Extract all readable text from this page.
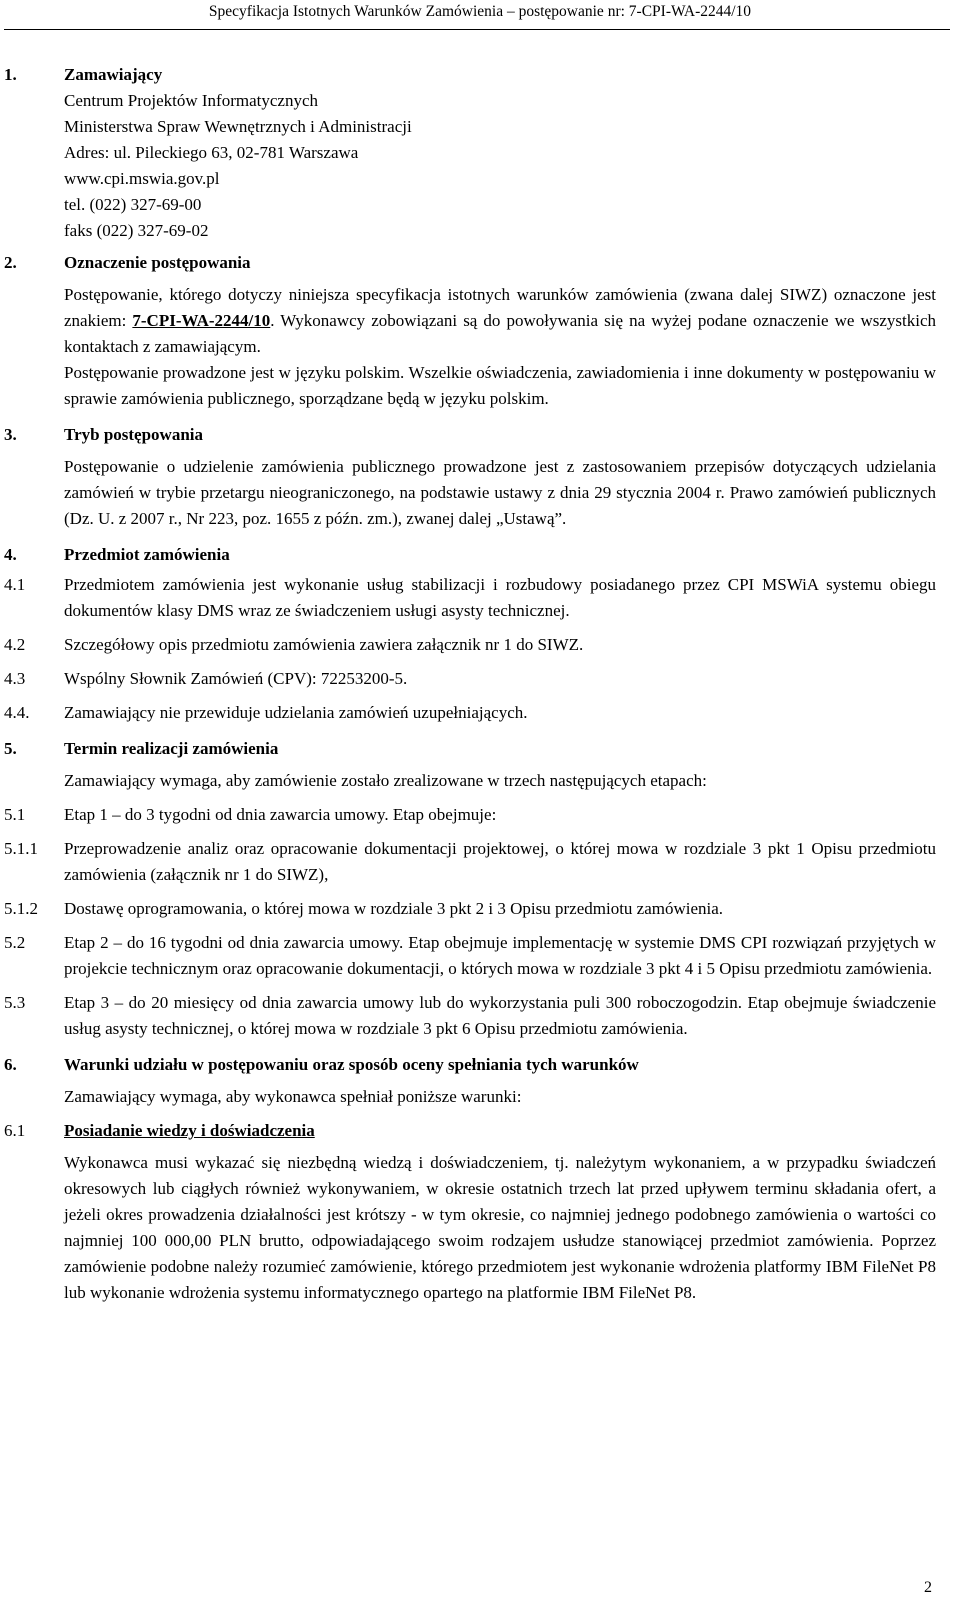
Specyfikacja Istotnych Warunków Zamówienia – postępowanie nr: 7-CPI-WA-2244/10
1.	Zamawiający
Centrum Projektów Informatycznych
Ministerstwa Spraw Wewnętrznych i Administracji
Adres: ul. Pileckiego 63, 02-781 Warszawa
www.cpi.mswia.gov.pl
tel. (022) 327-69-00
faks (022) 327-69-02
2.	Oznaczenie postępowania
Postępowanie, którego dotyczy niniejsza specyfikacja istotnych warunków zamówienia (zwana dalej SIWZ) oznaczone jest znakiem: 7-CPI-WA-2244/10. Wykonawcy zobowiązani są do powoływania się na wyżej podane oznaczenie we wszystkich kontaktach z zamawiającym.
Postępowanie prowadzone jest w języku polskim. Wszelkie oświadczenia, zawiadomienia i inne dokumenty w postępowaniu w sprawie zamówienia publicznego, sporządzane będą w języku polskim.
3.	Tryb postępowania
Postępowanie o udzielenie zamówienia publicznego prowadzone jest z zastosowaniem przepisów dotyczących udzielania zamówień w trybie przetargu nieograniczonego, na podstawie ustawy z dnia 29 stycznia 2004 r. Prawo zamówień publicznych (Dz. U. z 2007 r., Nr 223, poz. 1655 z późn. zm.), zwanej dalej „Ustawą”.
4.	Przedmiot zamówienia
4.1 Przedmiotem zamówienia jest wykonanie usług stabilizacji i rozbudowy posiadanego przez CPI MSWiA systemu obiegu dokumentów klasy DMS wraz ze świadczeniem usługi asysty technicznej.
4.2 Szczegółowy opis przedmiotu zamówienia zawiera załącznik nr 1 do SIWZ.
4.3 Wspólny Słownik Zamówień (CPV): 72253200-5.
4.4. Zamawiający nie przewiduje udzielania zamówień uzupełniających.
5.	Termin realizacji zamówienia
Zamawiający wymaga, aby zamówienie zostało zrealizowane w trzech następujących etapach:
5.1 Etap 1 – do 3 tygodni od dnia zawarcia umowy. Etap obejmuje:
5.1.1 Przeprowadzenie analiz oraz opracowanie dokumentacji projektowej, o której mowa w rozdziale 3 pkt 1 Opisu przedmiotu zamówienia (załącznik nr 1 do SIWZ),
5.1.2 Dostawę oprogramowania, o której mowa w rozdziale 3 pkt 2 i 3 Opisu przedmiotu zamówienia.
5.2 Etap 2 – do 16 tygodni od dnia zawarcia umowy. Etap obejmuje implementację w systemie DMS CPI rozwiązań przyjętych w projekcie technicznym oraz opracowanie dokumentacji, o których mowa w rozdziale 3 pkt 4 i 5 Opisu przedmiotu zamówienia.
5.3 Etap 3 – do 20 miesięcy od dnia zawarcia umowy lub do wykorzystania puli 300 roboczogodzin. Etap obejmuje świadczenie usług asysty technicznej, o której mowa w rozdziale 3 pkt 6 Opisu przedmiotu zamówienia.
6.	Warunki udziału w postępowaniu oraz sposób oceny spełniania tych warunków
Zamawiający wymaga, aby wykonawca spełniał poniższe warunki:
6.1 Posiadanie wiedzy i doświadczenia
Wykonawca musi wykazać się niezbędną wiedzą i doświadczeniem, tj. należytym wykonaniem, a w przypadku świadczeń okresowych lub ciągłych również wykonywaniem, w okresie ostatnich trzech lat przed upływem terminu składania ofert, a jeżeli okres prowadzenia działalności jest krótszy - w tym okresie, co najmniej jednego podobnego zamówienia o wartości co najmniej 100 000,00 PLN brutto, odpowiadającego swoim rodzajem usłudze stanowiącej przedmiot zamówienia. Poprzez zamówienie podobne należy rozumieć zamówienie, którego przedmiotem jest wykonanie wdrożenia platformy IBM FileNet P8 lub wykonanie wdrożenia systemu informatycznego opartego na platformie IBM FileNet P8.
2
